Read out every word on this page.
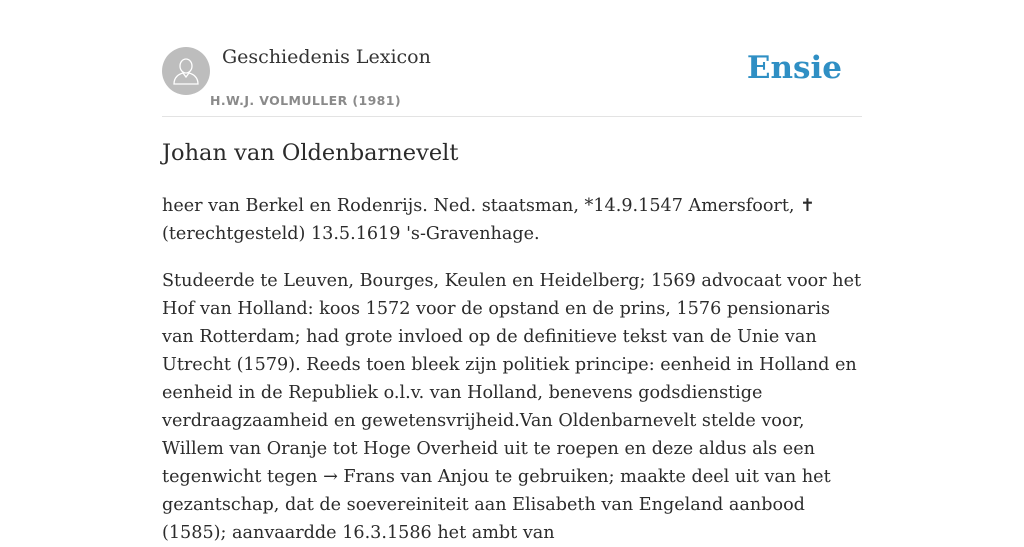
Geschiedenis Lexicon
H.W.J. VOLMULLER (1981)
Ensie
Johan van Oldenbarnevelt

heer van Berkel en Rodenrijs. Ned. staatsman, *14.9.1547 Amersfoort, ✝ (terechtgesteld) 13.5.1619 's-Gravenhage.

Studeerde te Leuven, Bourges, Keulen en Heidelberg; 1569 advocaat voor het Hof van Holland: koos 1572 voor de opstand en de prins, 1576 pensionaris van Rotterdam; had grote invloed op de definitieve tekst van de Unie van Utrecht (1579). Reeds toen bleek zijn politiek principe: eenheid in Holland en eenheid in de Republiek o.l.v. van Holland, benevens godsdienstige verdraagzaamheid en gewetensvrijheid.Van Oldenbarnevelt stelde voor, Willem van Oranje tot Hoge Overheid uit te roepen en deze aldus als een tegenwicht tegen → Frans van Anjou te gebruiken; maakte deel uit van het gezantschap, dat de soevereiniteit aan Elisabeth van Engeland aanbood (1585); aanvaardde 16.3.1586 het ambt van
